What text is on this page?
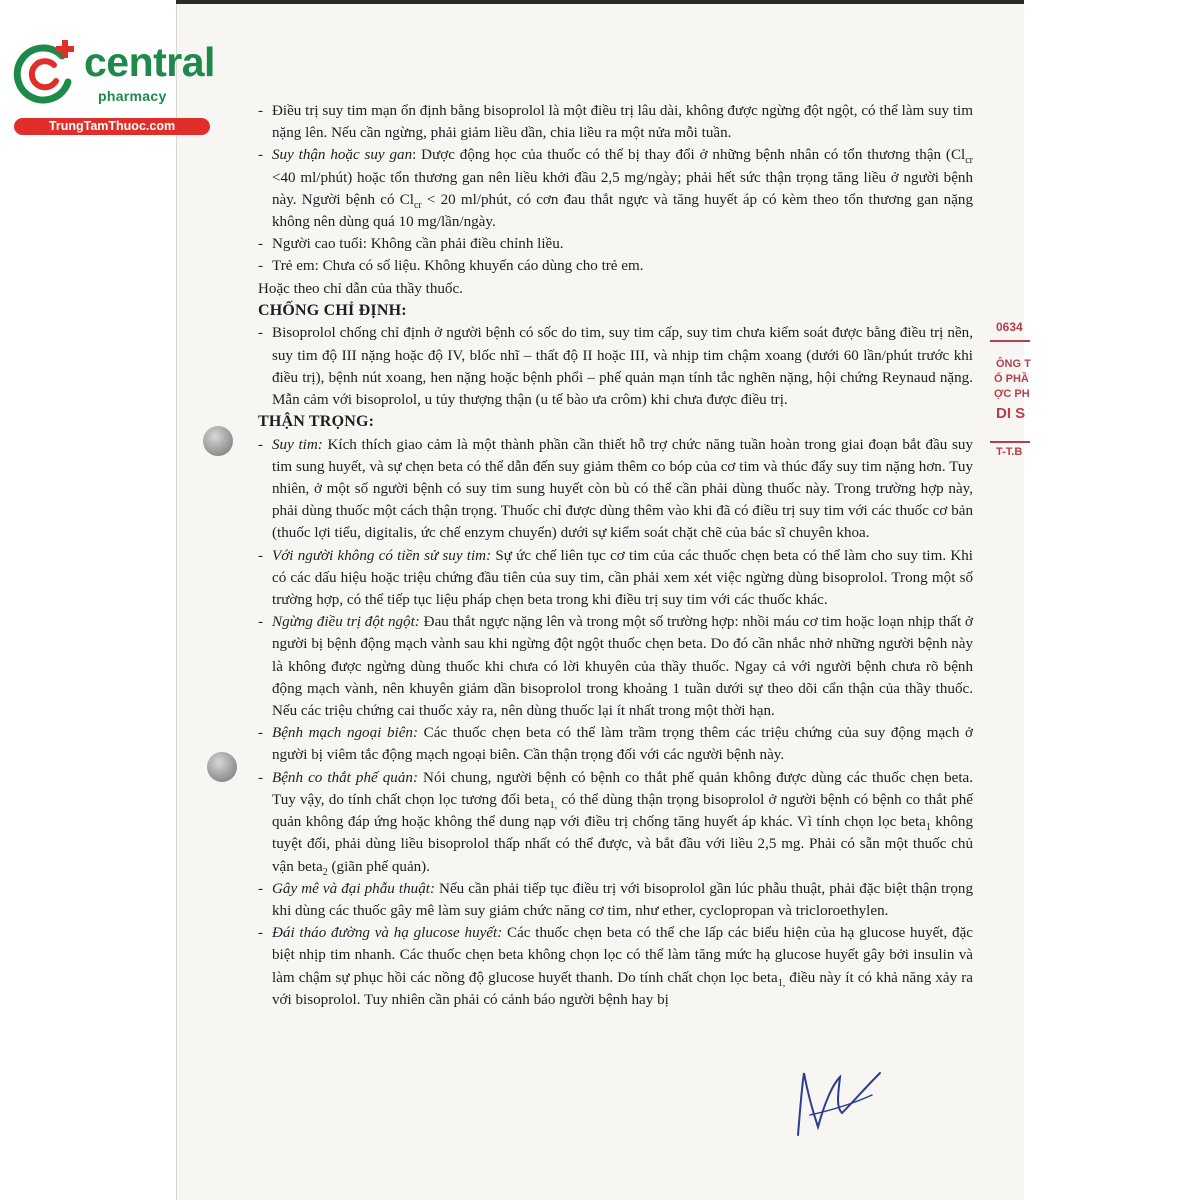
central
pharmacy
TrungTamThuoc.com
0634
ÔNG T
Ổ PHẦ
ỢC PH
DI S
T-T.B

- Điều trị suy tim mạn ổn định bằng bisoprolol là một điều trị lâu dài, không được ngừng đột ngột, có thể làm suy tim nặng lên. Nếu cần ngừng, phải giảm liều dần, chia liều ra một nửa mỗi tuần.

- Suy thận hoặc suy gan: Dược động học của thuốc có thể bị thay đổi ở những bệnh nhân có tổn thương thận ($Cl_{cr} <40$ ml/phút) hoặc tổn thương gan nên liều khởi đầu 2,5 mg/ngày; phải hết sức thận trọng tăng liều ở người bệnh này. Người bệnh có $Cl_{cr} < 20$ ml/phút, có cơn đau thắt ngực và tăng huyết áp có kèm theo tổn thương gan nặng không nên dùng quá 10 mg/lần/ngày.

- Người cao tuổi: Không cần phải điều chỉnh liều.

- Trẻ em: Chưa có số liệu. Không khuyến cáo dùng cho trẻ em.

Hoặc theo chỉ dẫn của thầy thuốc.

CHỐNG CHỈ ĐỊNH:

- Bisoprolol chống chỉ định ở người bệnh có sốc do tim, suy tim cấp, suy tim chưa kiểm soát được bằng điều trị nền, suy tim độ III nặng hoặc độ IV, blốc nhĩ – thất độ II hoặc III, và nhịp tim chậm xoang (dưới 60 lần/phút trước khi điều trị), bệnh nút xoang, hen nặng hoặc bệnh phổi – phế quản mạn tính tắc nghẽn nặng, hội chứng Reynaud nặng. Mẫn cảm với bisoprolol, u tủy thượng thận (u tế bào ưa crôm) khi chưa được điều trị.

THẬN TRỌNG:

- Suy tim: Kích thích giao cảm là một thành phần cần thiết hỗ trợ chức năng tuần hoàn trong giai đoạn bắt đầu suy tim sung huyết, và sự chẹn beta có thể dẫn đến suy giảm thêm co bóp của cơ tim và thúc đẩy suy tim nặng hơn. Tuy nhiên, ở một số người bệnh có suy tim sung huyết còn bù có thể cần phải dùng thuốc này. Trong trường hợp này, phải dùng thuốc một cách thận trọng. Thuốc chỉ được dùng thêm vào khi đã có điều trị suy tim với các thuốc cơ bản (thuốc lợi tiểu, digitalis, ức chế enzym chuyển) dưới sự kiểm soát chặt chẽ của bác sĩ chuyên khoa.

- Với người không có tiền sử suy tim: Sự ức chế liên tục cơ tim của các thuốc chẹn beta có thể làm cho suy tim. Khi có các dấu hiệu hoặc triệu chứng đầu tiên của suy tim, cần phải xem xét việc ngừng dùng bisoprolol. Trong một số trường hợp, có thể tiếp tục liệu pháp chẹn beta trong khi điều trị suy tim với các thuốc khác.

- Ngừng điều trị đột ngột: Đau thắt ngực nặng lên và trong một số trường hợp: nhồi máu cơ tim hoặc loạn nhịp thất ở người bị bệnh động mạch vành sau khi ngừng đột ngột thuốc chẹn beta. Do đó cần nhắc nhở những người bệnh này là không được ngừng dùng thuốc khi chưa có lời khuyên của thầy thuốc. Ngay cả với người bệnh chưa rõ bệnh động mạch vành, nên khuyên giảm dần bisoprolol trong khoảng 1 tuần dưới sự theo dõi cẩn thận của thầy thuốc. Nếu các triệu chứng cai thuốc xảy ra, nên dùng thuốc lại ít nhất trong một thời hạn.

- Bệnh mạch ngoại biên: Các thuốc chẹn beta có thể làm trầm trọng thêm các triệu chứng của suy động mạch ở người bị viêm tắc động mạch ngoại biên. Cần thận trọng đối với các người bệnh này.

- Bệnh co thắt phế quản: Nói chung, người bệnh có bệnh co thắt phế quản không được dùng các thuốc chẹn beta. Tuy vậy, do tính chất chọn lọc tương đối beta$_{1,}$ có thể dùng thận trọng bisoprolol ở người bệnh có bệnh co thắt phế quản không đáp ứng hoặc không thể dung nạp với điều trị chống tăng huyết áp khác. Vì tính chọn lọc beta$_1$ không tuyệt đối, phải dùng liều bisoprolol thấp nhất có thể được, và bắt đầu với liều 2,5 mg. Phải có sẵn một thuốc chủ vận beta$_2$ (giãn phế quản).

- Gây mê và đại phẫu thuật: Nếu cần phải tiếp tục điều trị với bisoprolol gần lúc phẫu thuật, phải đặc biệt thận trọng khi dùng các thuốc gây mê làm suy giảm chức năng cơ tim, như ether, cyclopropan và tricloroethylen.

- Đái tháo đường và hạ glucose huyết: Các thuốc chẹn beta có thể che lấp các biểu hiện của hạ glucose huyết, đặc biệt nhịp tim nhanh. Các thuốc chẹn beta không chọn lọc có thể làm tăng mức hạ glucose huyết gây bởi insulin và làm chậm sự phục hồi các nồng độ glucose huyết thanh. Do tính chất chọn lọc beta$_{1,}$ điều này ít có khả năng xảy ra với bisoprolol. Tuy nhiên cần phải có cảnh báo người bệnh hay bị
